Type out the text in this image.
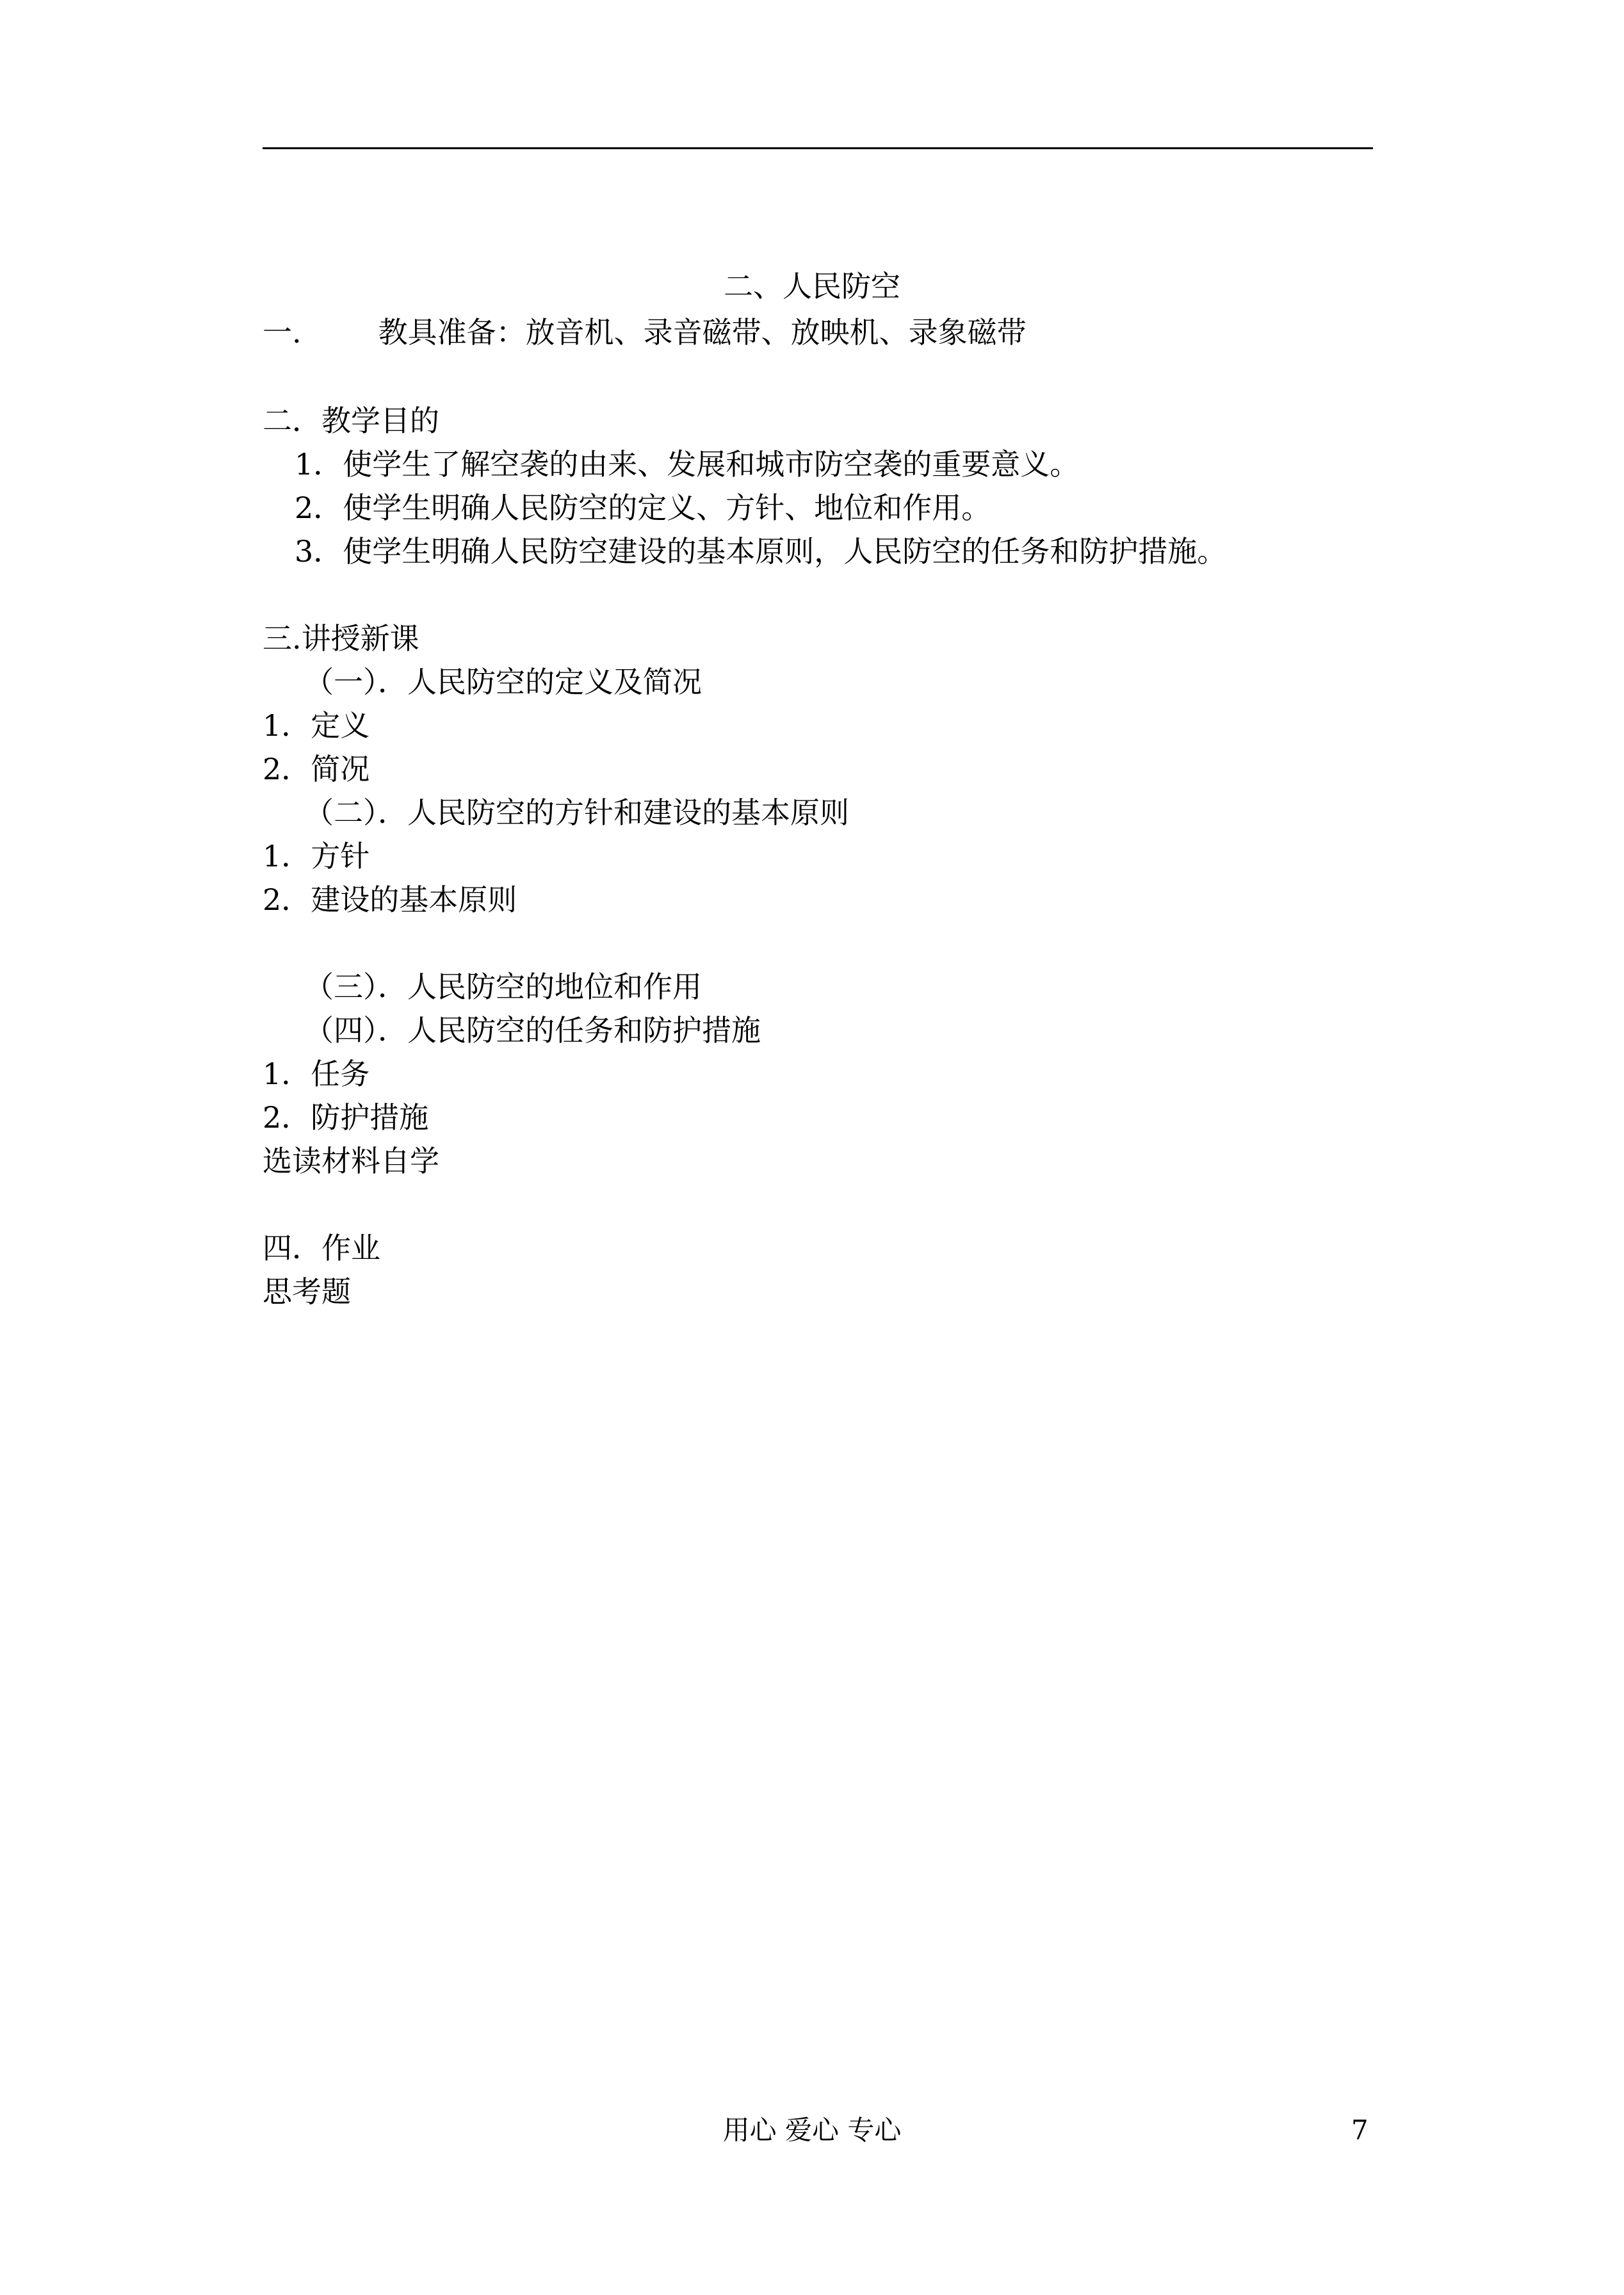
二、人民防空
一.	教具准备：放音机、录音磁带、放映机、录象磁带
二．教学目的
1．使学生了解空袭的由来、发展和城市防空袭的重要意义。
2．使学生明确人民防空的定义、方针、地位和作用。
3．使学生明确人民防空建设的基本原则，人民防空的任务和防护措施。
三.讲授新课
（一）．人民防空的定义及简况
1．定义
2．简况
（二）．人民防空的方针和建设的基本原则
1．方针
2．建设的基本原则
（三）．人民防空的地位和作用
（四）．人民防空的任务和防护措施
1．任务
2．防护措施
选读材料自学
四．作业
思考题
用心 爱心 专心	7
